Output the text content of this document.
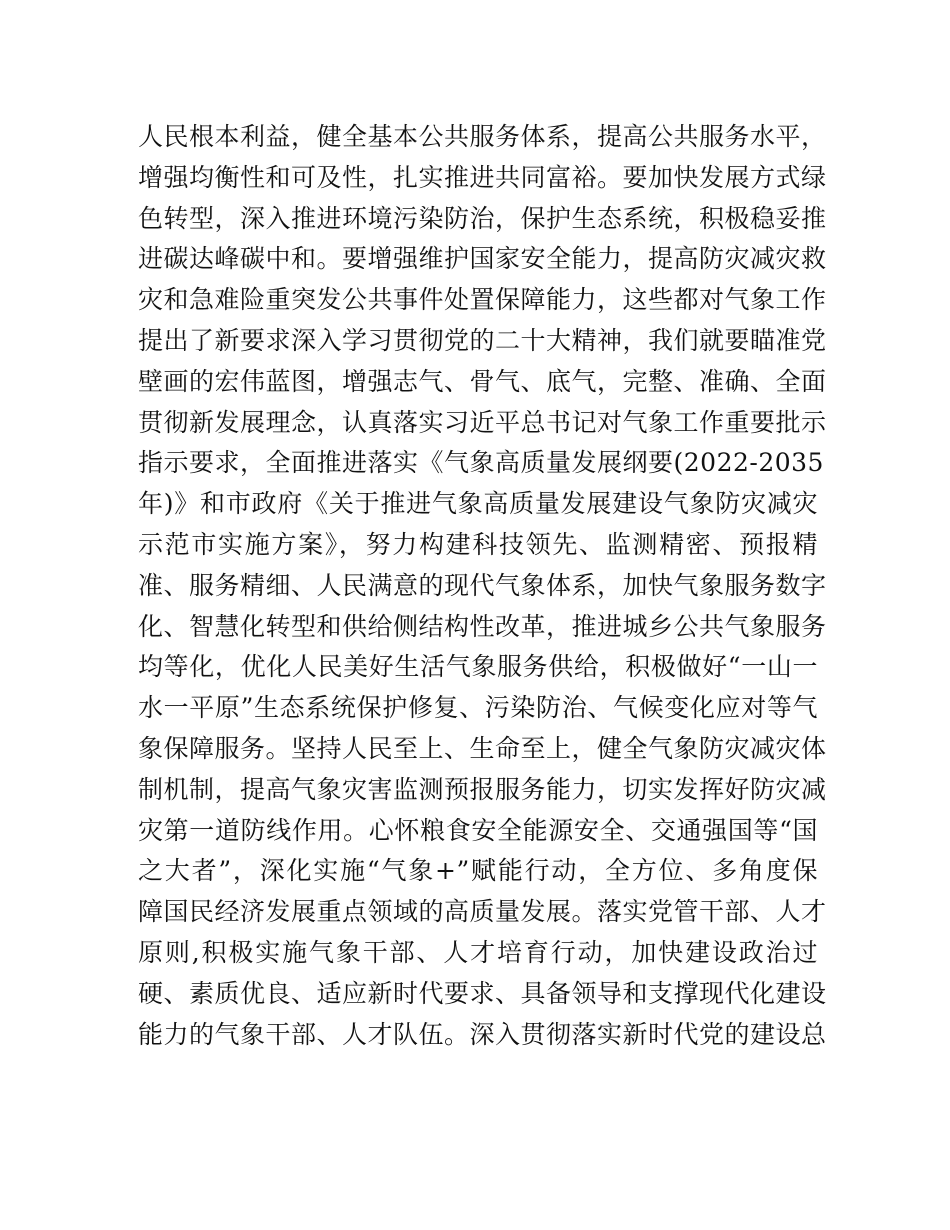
人民根本利益，健全基本公共服务体系，提高公共服务水平，
增强均衡性和可及性，扎实推进共同富裕。要加快发展方式绿
色转型，深入推进环境污染防治，保护生态系统，积极稳妥推
进碳达峰碳中和。要增强维护国家安全能力，提高防灾减灾救
灾和急难险重突发公共事件处置保障能力，这些都对气象工作
提出了新要求深入学习贯彻党的二十大精神，我们就要瞄准党
壁画的宏伟蓝图，增强志气、骨气、底气，完整、准确、全面
贯彻新发展理念，认真落实习近平总书记对气象工作重要批示
指示要求，全面推进落实《气象高质量发展纲要(2022-2035
年)》和市政府《关于推进气象高质量发展建设气象防灾减灾
示范市实施方案》，努力构建科技领先、监测精密、预报精
准、服务精细、人民满意的现代气象体系，加快气象服务数字
化、智慧化转型和供给侧结构性改革，推进城乡公共气象服务
均等化，优化人民美好生活气象服务供给，积极做好“一山一
水一平原”生态系统保护修复、污染防治、气候变化应对等气
象保障服务。坚持人民至上、生命至上，健全气象防灾减灾体
制机制，提高气象灾害监测预报服务能力，切实发挥好防灾减
灾第一道防线作用。心怀粮食安全能源安全、交通强国等“国
之大者”，深化实施“气象+”赋能行动，全方位、多角度保
障国民经济发展重点领域的高质量发展。落实党管干部、人才
原则,积极实施气象干部、人才培育行动，加快建设政治过
硬、素质优良、适应新时代要求、具备领导和支撑现代化建设
能力的气象干部、人才队伍。深入贯彻落实新时代党的建设总
